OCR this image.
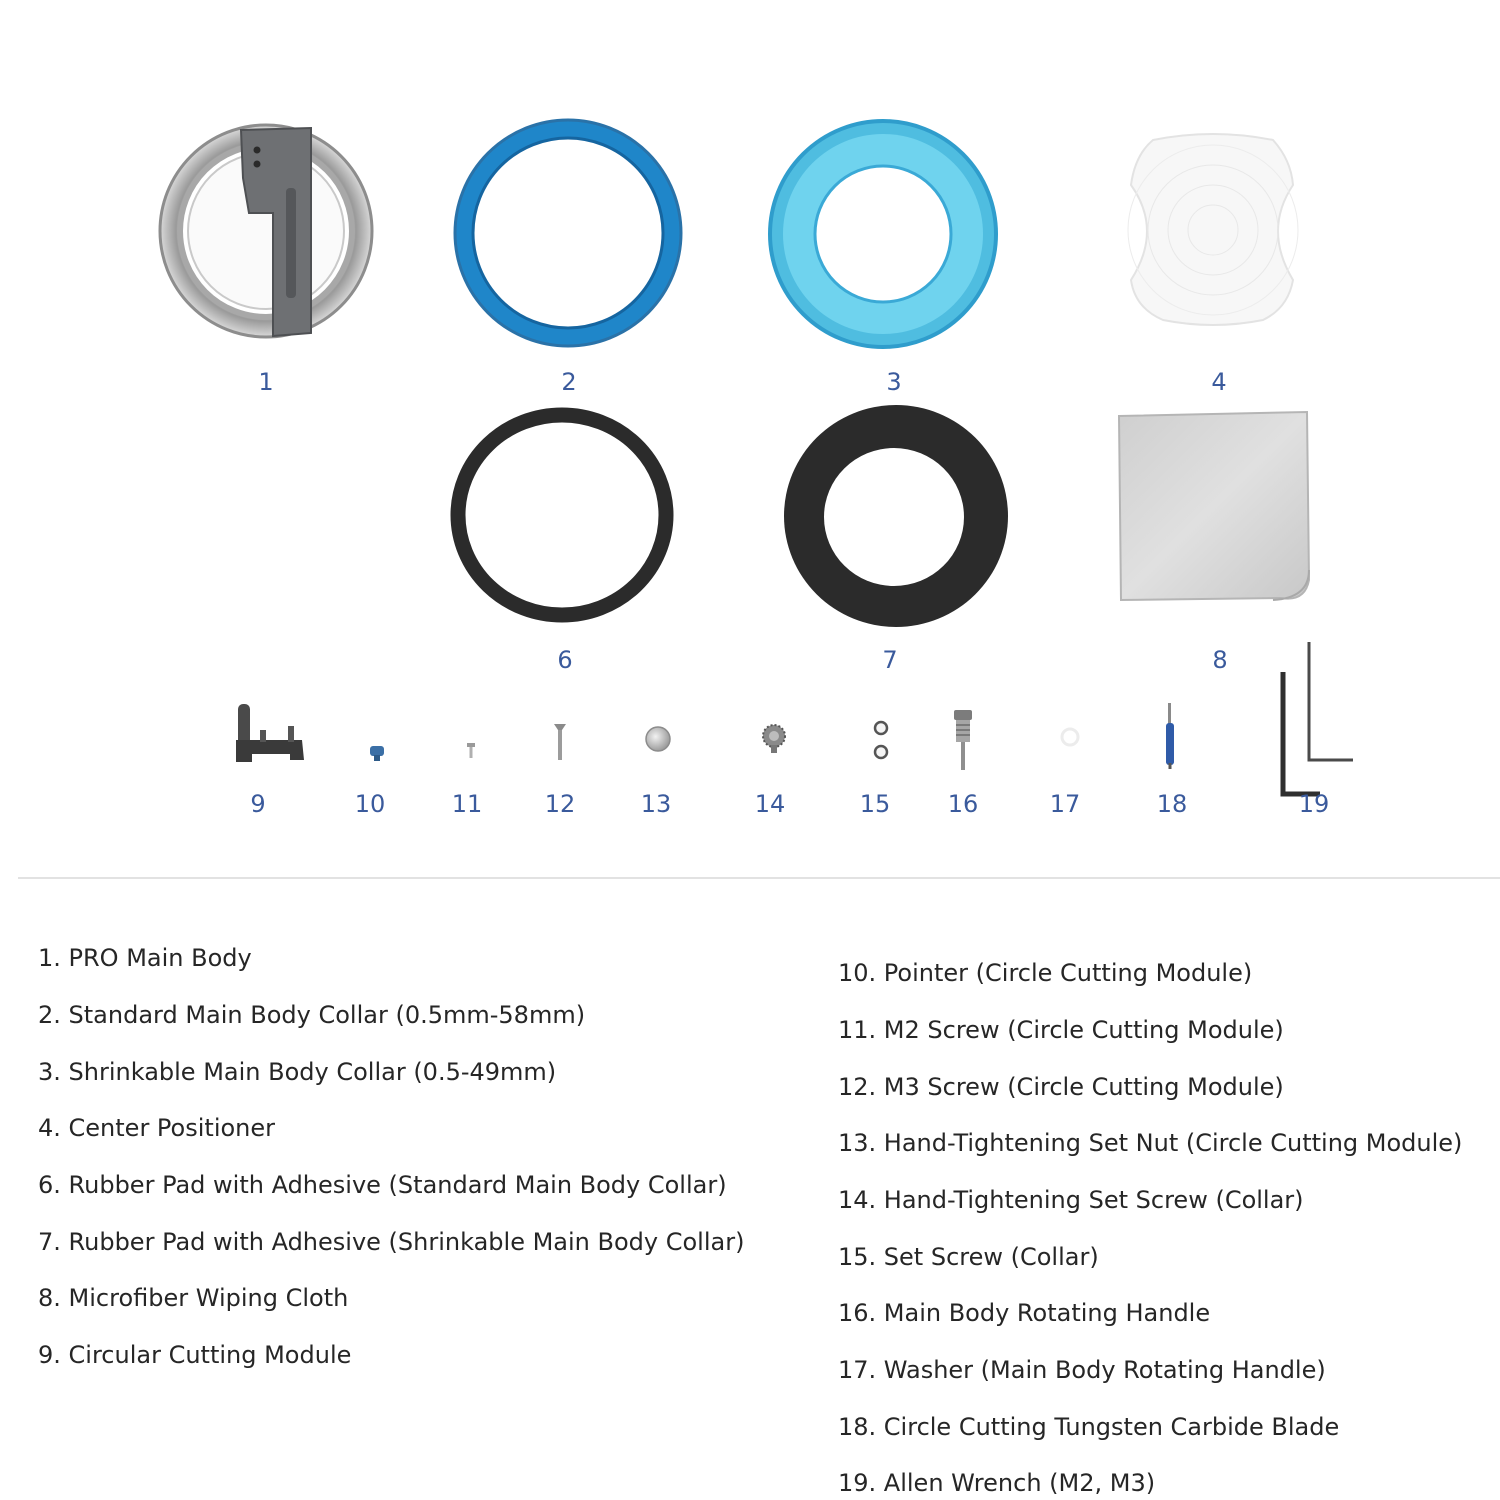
1	2	3	4
6	7	8
9	10	11	12	13	14	15 16	17	18	19
1. PRO Main Body
2. Standard Main Body Collar (0.5mm-58mm)
3. Shrinkable Main Body Collar (0.5-49mm)
4. Center Positioner
6. Rubber Pad with Adhesive (Standard Main Body Collar)
7. Rubber Pad with Adhesive (Shrinkable Main Body Collar)
8. Microfiber Wiping Cloth
9. Circular Cutting Module
10. Pointer (Circle Cutting Module)
11. M2 Screw (Circle Cutting Module)
12. M3 Screw (Circle Cutting Module)
13. Hand-Tightening Set Nut (Circle Cutting Module)
14. Hand-Tightening Set Screw (Collar)
15. Set Screw (Collar)
16. Main Body Rotating Handle
17. Washer (Main Body Rotating Handle)
18. Circle Cutting Tungsten Carbide Blade
19. Allen Wrench (M2, M3)
